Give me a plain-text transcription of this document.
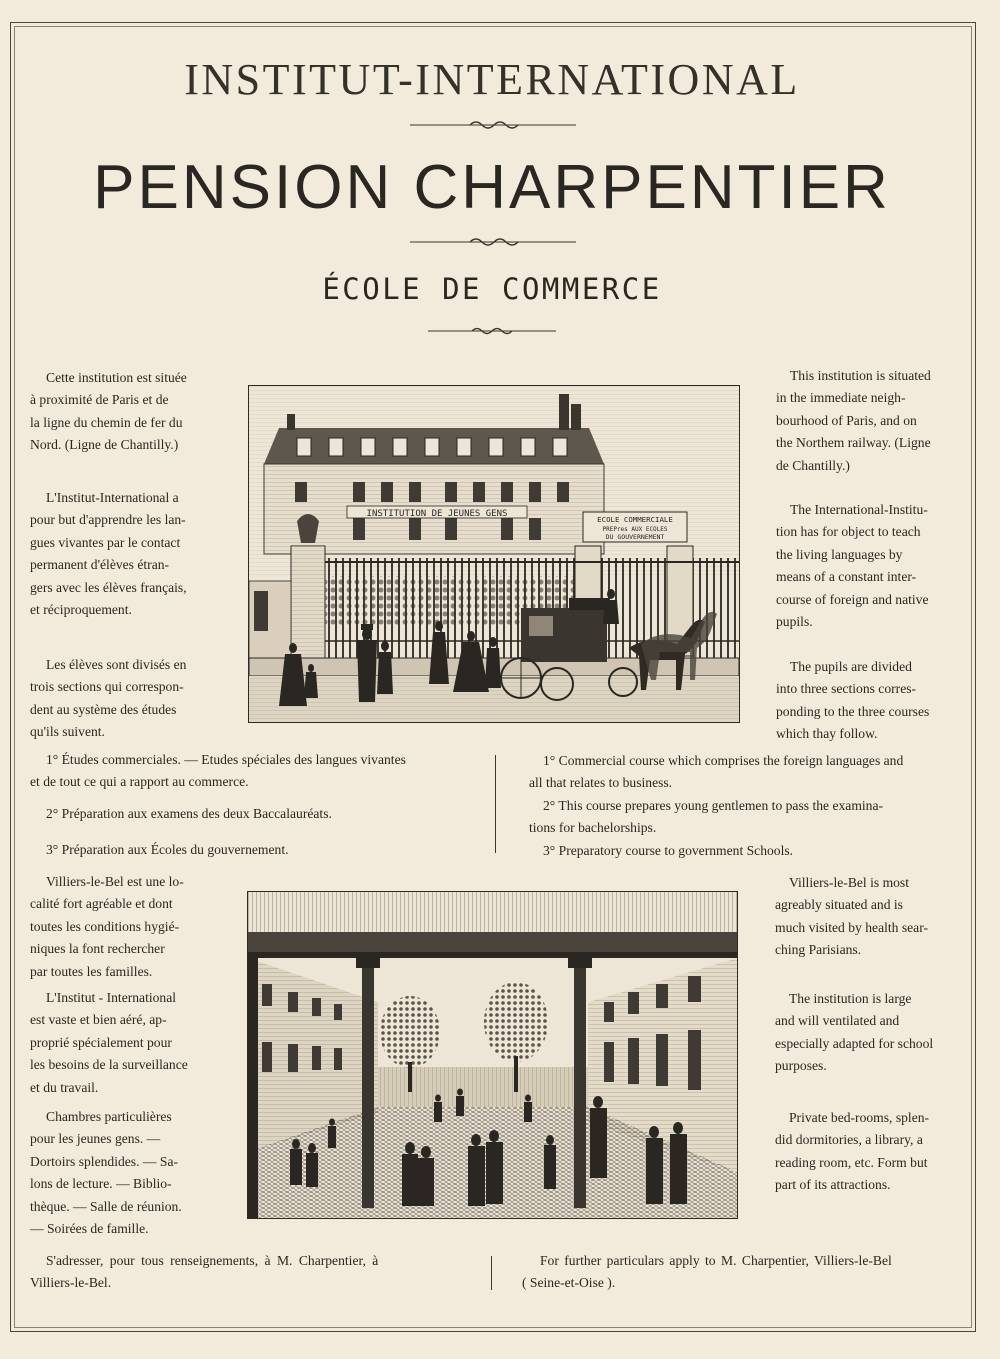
INSTITUT-INTERNATIONAL
PENSION CHARPENTIER
ÉCOLE DE COMMERCE
Cette institution est située
à proximité de Paris et de
la ligne du chemin de fer du
Nord. (Ligne de Chantilly.)
L'Institut-International a
pour but d'apprendre les lan-
gues vivantes par le contact
permanent d'élèves étran-
gers avec les élèves français,
et réciproquement.
Les élèves sont divisés en
trois sections qui correspon-
dent au système des études
qu'ils suivent.
This institution is situated
in the immediate neigh-
bourhood of Paris, and on
the Northem railway. (Ligne
de Chantilly.)
The International-Institu-
tion has for object to teach
the living languages by
means of a constant inter-
course of foreign and native
pupils.
The pupils are divided
into three sections corres-
ponding to the three courses
which thay follow.
INSTITUTION DE JEUNES GENS
ECOLE COMMERCIALE
PREPres AUX ECOLES
DU GOUVERNEMENT
1° Études commerciales. — Etudes spéciales des langues vivantes
et de tout ce qui a rapport au commerce.
2° Préparation aux examens des deux Baccalauréats.
3° Préparation aux Écoles du gouvernement.
1° Commercial course which comprises the foreign languages and
all that relates to business.
2° This course prepares young gentlemen to pass the examina-
tions for bachelorships.
3° Preparatory course to government Schools.
Villiers-le-Bel est une lo-
calité fort agréable et dont
toutes les conditions hygié-
niques la font rechercher
par toutes les familles.
L'Institut - International
est vaste et bien aéré, ap-
proprié spécialement pour
les besoins de la surveillance
et du travail.
Chambres particulières
pour les jeunes gens. —
Dortoirs splendides. — Sa-
lons de lecture. — Biblio-
thèque. — Salle de réunion.
— Soirées de famille.
Villiers-le-Bel is most
agreably situated and is
much visited by health sear-
ching Parisians.
The institution is large
and will ventilated and
especially adapted for school
purposes.
Private bed-rooms, splen-
did dormitories, a library, a
reading room, etc. Form but
part of its attractions.
S'adresser, pour tous renseignements, à M. Charpentier, à
Villiers-le-Bel.
For further particulars apply to M. Charpentier, Villiers-le-Bel
( Seine-et-Oise ).
